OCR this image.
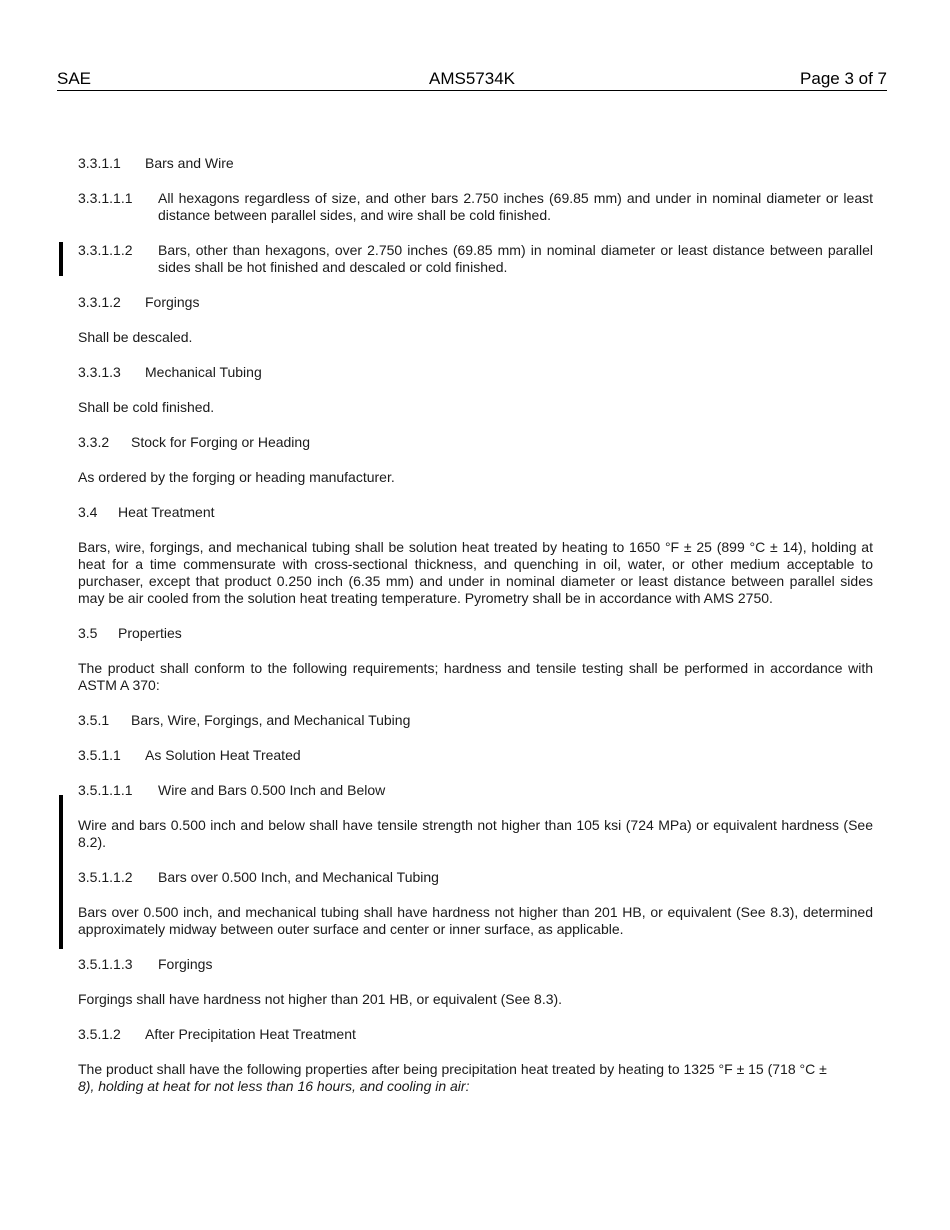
SAE	AMS5734K	Page 3 of 7
3.3.1.1	Bars and Wire
3.3.1.1.1	All hexagons regardless of size, and other bars 2.750 inches (69.85 mm) and under in nominal diameter or least distance between parallel sides, and wire shall be cold finished.
3.3.1.1.2	Bars, other than hexagons, over 2.750 inches (69.85 mm) in nominal diameter or least distance between parallel sides shall be hot finished and descaled or cold finished.
3.3.1.2	Forgings

Shall be descaled.

3.3.1.3	Mechanical Tubing

Shall be cold finished.

3.3.2	Stock for Forging or Heading

As ordered by the forging or heading manufacturer.

3.4	Heat Treatment

Bars, wire, forgings, and mechanical tubing shall be solution heat treated by heating to 1650 °F ± 25 (899 °C ± 14), holding at heat for a time commensurate with cross-sectional thickness, and quenching in oil, water, or other medium acceptable to purchaser, except that product 0.250 inch (6.35 mm) and under in nominal diameter or least distance between parallel sides may be air cooled from the solution heat treating temperature. Pyrometry shall be in accordance with AMS 2750.

3.5	Properties

The product shall conform to the following requirements; hardness and tensile testing shall be performed in accordance with ASTM A 370:

3.5.1	Bars, Wire, Forgings, and Mechanical Tubing
3.5.1.1	As Solution Heat Treated
3.5.1.1.1	Wire and Bars 0.500 Inch and Below

Wire and bars 0.500 inch and below shall have tensile strength not higher than 105 ksi (724 MPa) or equivalent hardness (See 8.2).

3.5.1.1.2	Bars over 0.500 Inch, and Mechanical Tubing

Bars over 0.500 inch, and mechanical tubing shall have hardness not higher than 201 HB, or equivalent (See 8.3), determined approximately midway between outer surface and center or inner surface, as applicable.

3.5.1.1.3	Forgings

Forgings shall have hardness not higher than 201 HB, or equivalent (See 8.3).

3.5.1.2	After Precipitation Heat Treatment

The product shall have the following properties after being precipitation heat treated by heating to 1325 °F ± 15 (718 °C ±
8), holding at heat for not less than 16 hours, and cooling in air:
